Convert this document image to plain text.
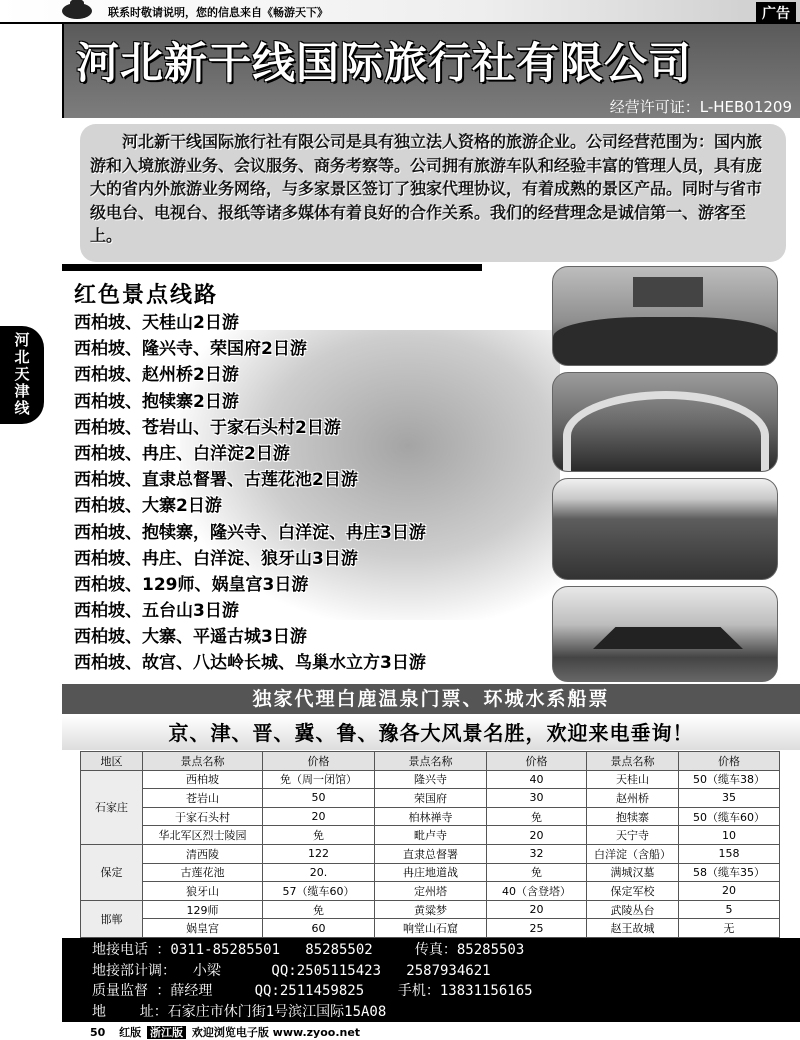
联系时敬请说明，您的信息来自《畅游天下》	广告
河北新干线国际旅行社有限公司
经营许可证：L-HEB01209
河北新干线国际旅行社有限公司是具有独立法人资格的旅游企业。公司经营范围为：国内旅游和入境旅游业务、会议服务、商务考察等。公司拥有旅游车队和经验丰富的管理人员，具有庞大的省内外旅游业务网络，与多家景区签订了独家代理协议，有着成熟的景区产品。同时与省市级电台、电视台、报纸等诸多媒体有着良好的合作关系。我们的经营理念是诚信第一、游客至上。
河
北
天
津
线
红色景点线路
西柏坡、天桂山2日游
西柏坡、隆兴寺、荣国府2日游
西柏坡、赵州桥2日游
西柏坡、抱犊寨2日游
西柏坡、苍岩山、于家石头村2日游
西柏坡、冉庄、白洋淀2日游
西柏坡、直隶总督署、古莲花池2日游
西柏坡、大寨2日游
西柏坡、抱犊寨，隆兴寺、白洋淀、冉庄3日游
西柏坡、冉庄、白洋淀、狼牙山3日游
西柏坡、129师、娲皇宫3日游
西柏坡、五台山3日游
西柏坡、大寨、平遥古城3日游
西柏坡、故宫、八达岭长城、鸟巢水立方3日游
独家代理白鹿温泉门票、环城水系船票
京、津、晋、冀、鲁、豫各大风景名胜，欢迎来电垂询！
地区	景点名称	价格	景点名称	价格	景点名称	价格
石家庄	西柏坡	免（周一闭馆）	隆兴寺	40	天桂山	50（缆车38）
	苍岩山	50	荣国府	30	赵州桥	35
	于家石头村	20	柏林禅寺	免	抱犊寨	50（缆车60）
	华北军区烈士陵园	免	毗卢寺	20	天宁寺	10
保定	清西陵	122	直隶总督署	32	白洋淀（含船）	158
	古莲花池	20.	冉庄地道战	免	满城汉墓	58（缆车35）
	狼牙山	57（缆车60）	定州塔	40（含登塔）	保定军校	20
邯郸	129师	免	黄粱梦	20	武陵丛台	5
	娲皇宫	60	响堂山石窟	25	赵王故城	无
地接电话 ：0311-85285501   85285502     传真：85285503
地接部计调：  小梁      QQ:2505115423   2587934621
质量监督 ：薛经理     QQ:2511459825    手机：13831156165
地    址：石家庄市休门街1号滨江国际15A08
50 红版 浙江版 欢迎浏览电子版 www.zyoo.net
